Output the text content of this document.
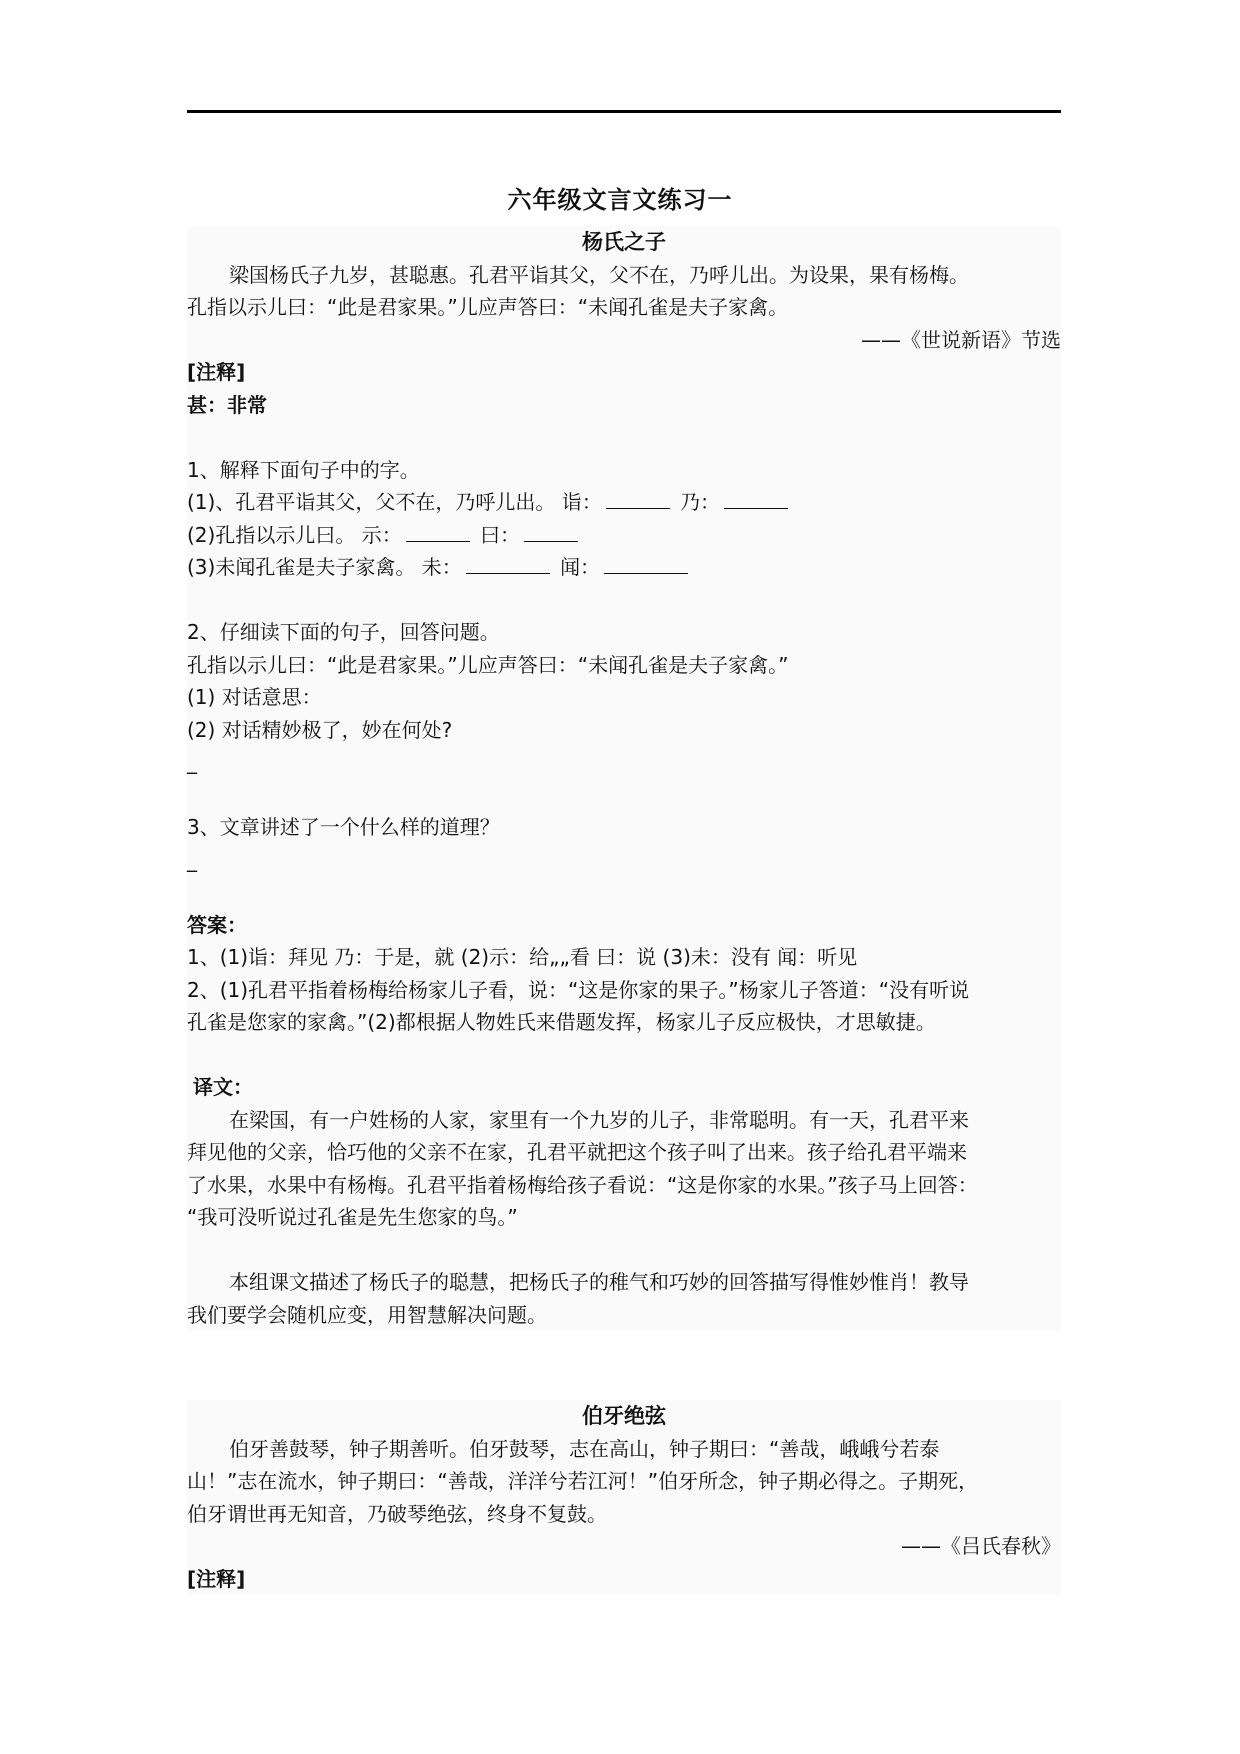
六年级文言文练习一
杨氏之子
梁国杨氏子九岁，甚聪惠。孔君平诣其父，父不在，乃呼儿出。为设果，果有杨梅。
孔指以示儿曰：“此是君家果。”儿应声答曰：“未闻孔雀是夫子家禽。
——《世说新语》节选
[注释]
甚：非常
1、解释下面句子中的字。
(1)、孔君平诣其父，父不在，乃呼儿出。 诣：	乃：
(2)孔指以示儿曰。 示：	曰：
(3)未闻孔雀是夫子家禽。 未：	闻：
2、仔细读下面的句子，回答问题。
孔指以示儿曰：“此是君家果。”儿应声答曰：“未闻孔雀是夫子家禽。”
(1) 对话意思：
(2) 对话精妙极了，妙在何处?
_
3、文章讲述了一个什么样的道理？
_
答案：
1、(1)诣：拜见 乃：于是，就 (2)示：给„„看 曰：说 (3)未：没有 闻：听见
2、(1)孔君平指着杨梅给杨家儿子看，说：“这是你家的果子。”杨家儿子答道：“没有听说
孔雀是您家的家禽。”(2)都根据人物姓氏来借题发挥，杨家儿子反应极快，才思敏捷。
译文：
在梁国，有一户姓杨的人家，家里有一个九岁的儿子，非常聪明。有一天，孔君平来
拜见他的父亲，恰巧他的父亲不在家，孔君平就把这个孩子叫了出来。孩子给孔君平端来
了水果，水果中有杨梅。孔君平指着杨梅给孩子看说：“这是你家的水果。”孩子马上回答：
“我可没听说过孔雀是先生您家的鸟。”
本组课文描述了杨氏子的聪慧，把杨氏子的稚气和巧妙的回答描写得惟妙惟肖！教导
我们要学会随机应变，用智慧解决问题。
伯牙绝弦
伯牙善鼓琴，钟子期善听。伯牙鼓琴，志在高山，钟子期曰：“善哉，峨峨兮若泰
山！”志在流水，钟子期曰：“善哉，洋洋兮若江河！”伯牙所念，钟子期必得之。子期死，
伯牙谓世再无知音，乃破琴绝弦，终身不复鼓。
——《吕氏春秋》
[注释]
